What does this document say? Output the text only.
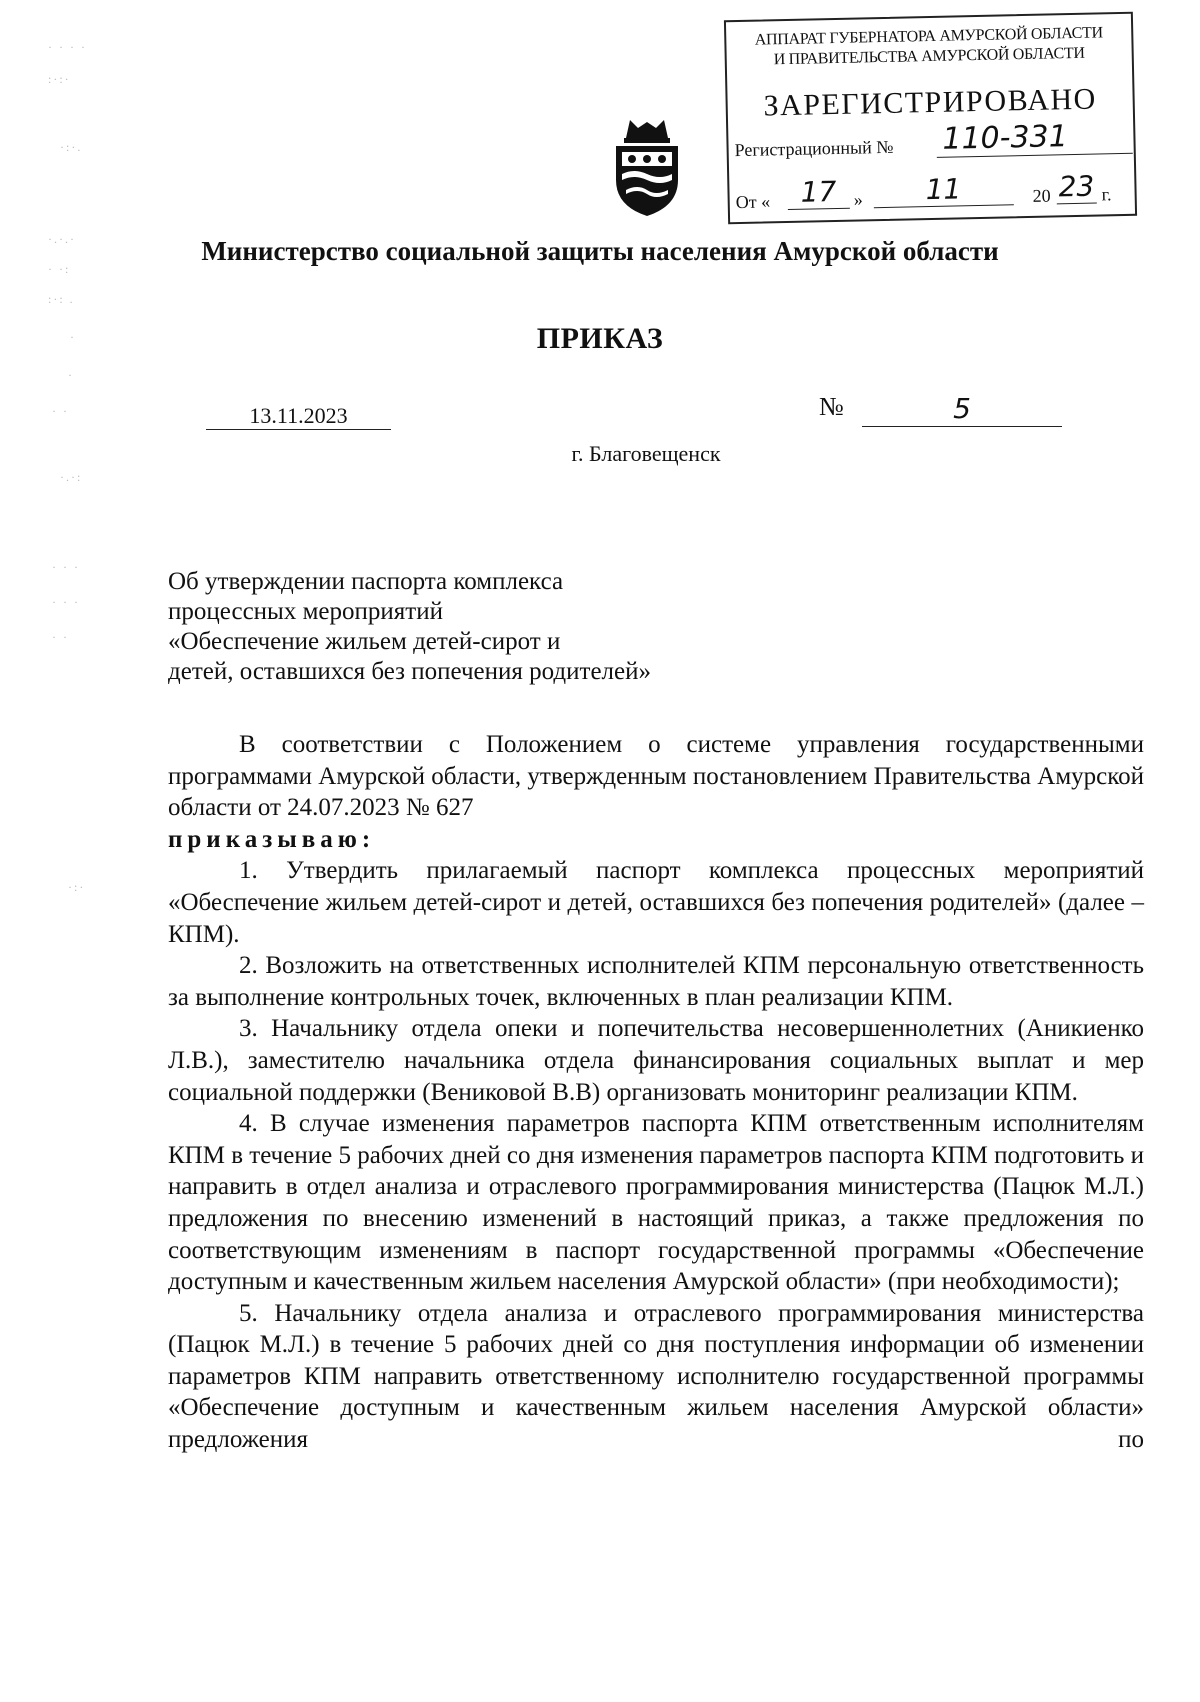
· · · ·
:·:·
·:·.
·.·.·
· ·:
:·: .
·
·
· ·
·.·:
· · ·
· · ·
· ·
·:·
АППАРАТ ГУБЕРНАТОРА АМУРСКОЙ ОБЛАСТИ
И ПРАВИТЕЛЬСТВА АМУРСКОЙ ОБЛАСТИ
ЗАРЕГИСТРИРОВАНО
Регистрационный № 110-331
От «	17 »	11	20 23 г.
Министерство социальной защиты населения Амурской области
ПРИКАЗ
13.11.2023	№	5
г. Благовещенск
Об утверждении паспорта комплекса
процессных мероприятий
«Обеспечение жильем детей-сирот и
детей, оставшихся без попечения родителей»

В соответствии с Положением о системе управления государственными программами Амурской области, утвержденным постановлением Правительства Амурской области от 24.07.2023 № 627

приказываю:

1. Утвердить прилагаемый паспорт комплекса процессных мероприятий «Обеспечение жильем детей-сирот и детей, оставшихся без попечения родителей» (далее – КПМ).

2. Возложить на ответственных исполнителей КПМ персональную ответственность за выполнение контрольных точек, включенных в план реализации КПМ.

3. Начальнику отдела опеки и попечительства несовершеннолетних (Аникиенко Л.В.), заместителю начальника отдела финансирования социальных выплат и мер социальной поддержки (Вениковой В.В) организовать мониторинг реализации КПМ.

4. В случае изменения параметров паспорта КПМ ответственным исполнителям КПМ в течение 5 рабочих дней со дня изменения параметров паспорта КПМ подготовить и направить в отдел анализа и отраслевого программирования министерства (Пацюк М.Л.) предложения по внесению изменений в настоящий приказ, а также предложения по соответствующим изменениям в паспорт государственной программы «Обеспечение доступным и качественным жильем населения Амурской области» (при необходимости);

5. Начальнику отдела анализа и отраслевого программирования министерства (Пацюк М.Л.) в течение 5 рабочих дней со дня поступления информации об изменении параметров КПМ направить ответственному исполнителю государственной программы «Обеспечение доступным и качественным жильем населения Амурской области» предложения по
